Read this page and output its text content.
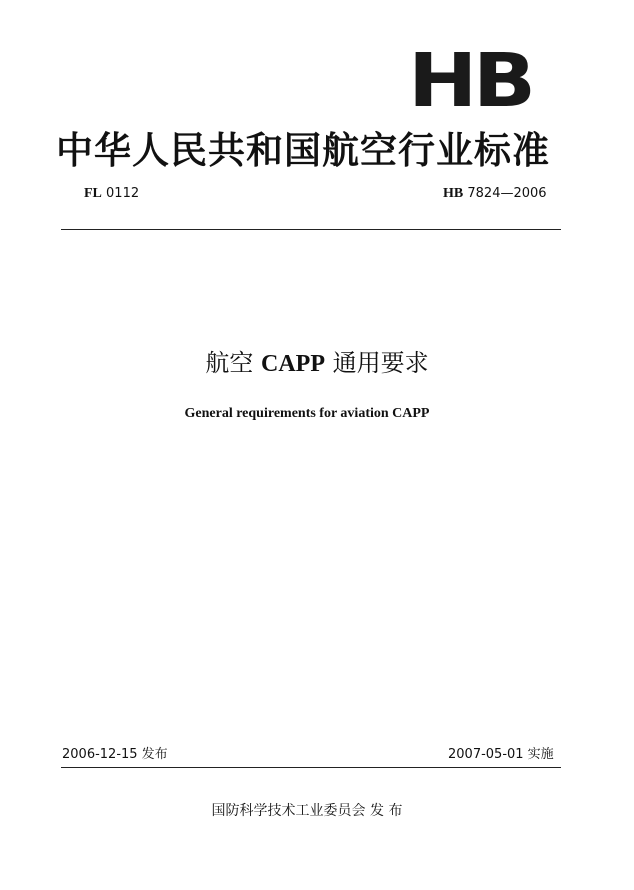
HB
中华人民共和国航空行业标准
FL 0112	HB 7824—2006
航空 CAPP 通用要求
General requirements for aviation CAPP
2006-12-15 发布	2007-05-01 实施
国防科学技术工业委员会 发 布
